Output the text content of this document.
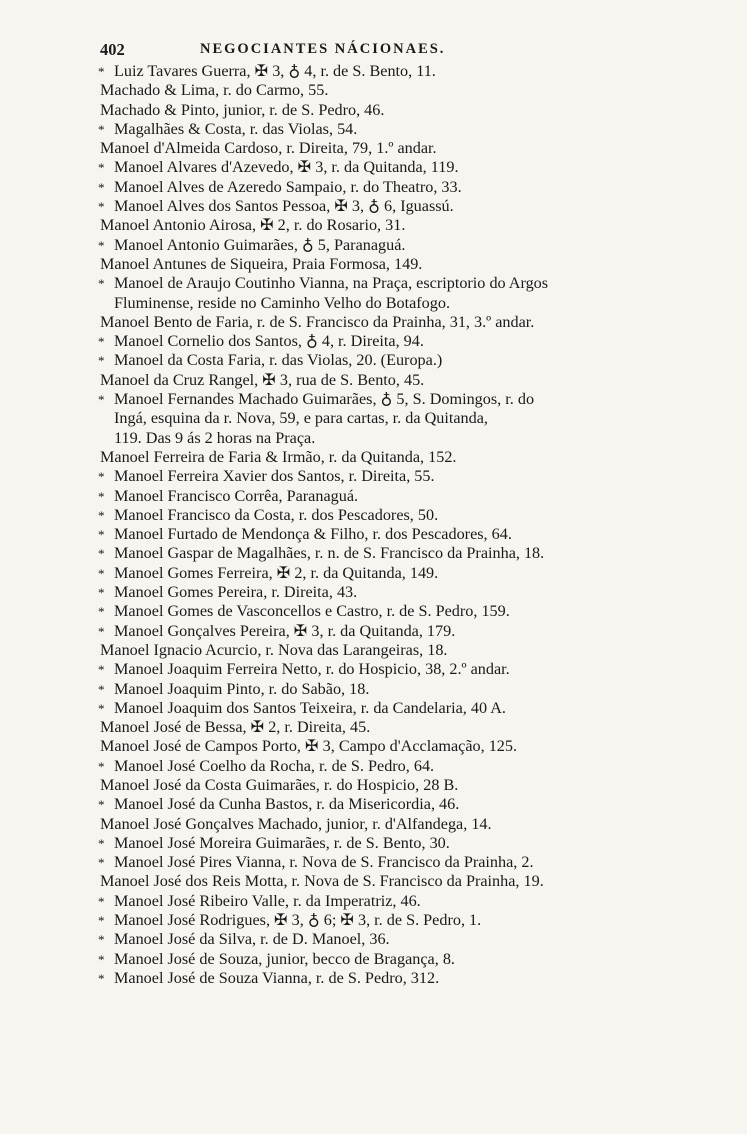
402	NEGOCIANTES NÁCIONAES.
* Luiz Tavares Guerra, ✠ 3, ♁ 4, r. de S. Bento, 11.
Machado & Lima, r. do Carmo, 55.
Machado & Pinto, junior, r. de S. Pedro, 46.
* Magalhães & Costa, r. das Violas, 54.
Manoel d'Almeida Cardoso, r. Direita, 79, 1.º andar.
* Manoel Alvares d'Azevedo, ✠ 3, r. da Quitanda, 119.
* Manoel Alves de Azeredo Sampaio, r. do Theatro, 33.
* Manoel Alves dos Santos Pessoa, ✠ 3, ♁ 6, Iguassú.
Manoel Antonio Airosa, ✠ 2, r. do Rosario, 31.
* Manoel Antonio Guimarães, ♁ 5, Paranaguá.
Manoel Antunes de Siqueira, Praia Formosa, 149.
* Manoel de Araujo Coutinho Vianna, na Praça, escriptorio do Argos
Fluminense, reside no Caminho Velho do Botafogo.
Manoel Bento de Faria, r. de S. Francisco da Prainha, 31, 3.º andar.
* Manoel Cornelio dos Santos, ♁ 4, r. Direita, 94.
* Manoel da Costa Faria, r. das Violas, 20. (Europa.)
Manoel da Cruz Rangel, ✠ 3, rua de S. Bento, 45.
* Manoel Fernandes Machado Guimarães, ♁ 5, S. Domingos, r. do
Ingá, esquina da r. Nova, 59, e para cartas, r. da Quitanda,
119. Das 9 ás 2 horas na Praça.
Manoel Ferreira de Faria & Irmão, r. da Quitanda, 152.
* Manoel Ferreira Xavier dos Santos, r. Direita, 55.
* Manoel Francisco Corrêa, Paranaguá.
* Manoel Francisco da Costa, r. dos Pescadores, 50.
* Manoel Furtado de Mendonça & Filho, r. dos Pescadores, 64.
* Manoel Gaspar de Magalhães, r. n. de S. Francisco da Prainha, 18.
* Manoel Gomes Ferreira, ✠ 2, r. da Quitanda, 149.
* Manoel Gomes Pereira, r. Direita, 43.
* Manoel Gomes de Vasconcellos e Castro, r. de S. Pedro, 159.
* Manoel Gonçalves Pereira, ✠ 3, r. da Quitanda, 179.
Manoel Ignacio Acurcio, r. Nova das Larangeiras, 18.
* Manoel Joaquim Ferreira Netto, r. do Hospicio, 38, 2.º andar.
* Manoel Joaquim Pinto, r. do Sabão, 18.
* Manoel Joaquim dos Santos Teixeira, r. da Candelaria, 40 A.
Manoel José de Bessa, ✠ 2, r. Direita, 45.
Manoel José de Campos Porto, ✠ 3, Campo d'Acclamação, 125.
* Manoel José Coelho da Rocha, r. de S. Pedro, 64.
Manoel José da Costa Guimarães, r. do Hospicio, 28 B.
* Manoel José da Cunha Bastos, r. da Misericordia, 46.
Manoel José Gonçalves Machado, junior, r. d'Alfandega, 14.
* Manoel José Moreira Guimarães, r. de S. Bento, 30.
* Manoel José Pires Vianna, r. Nova de S. Francisco da Prainha, 2.
Manoel José dos Reis Motta, r. Nova de S. Francisco da Prainha, 19.
* Manoel José Ribeiro Valle, r. da Imperatriz, 46.
* Manoel José Rodrigues, ✠ 3, ♁ 6; ✠ 3, r. de S. Pedro, 1.
* Manoel José da Silva, r. de D. Manoel, 36.
* Manoel José de Souza, junior, becco de Bragança, 8.
* Manoel José de Souza Vianna, r. de S. Pedro, 312.
